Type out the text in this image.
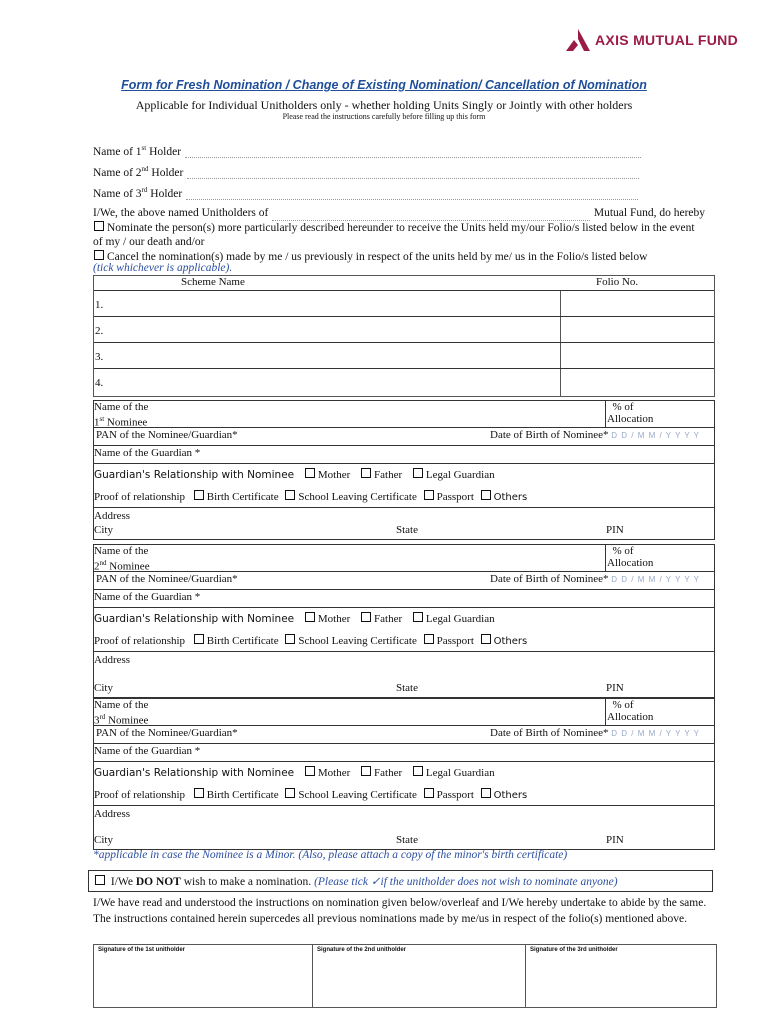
AXIS MUTUAL FUND
Form for Fresh Nomination / Change of Existing Nomination/ Cancellation of Nomination
Applicable for Individual Unitholders only - whether holding Units Singly or Jointly with other holders
Please read the instructions carefully before filling up this form
Name of 1st Holder
Name of 2nd Holder
Name of 3rd Holder
I/We, the above named Unitholders of	Mutual Fund, do hereby
Nominate the person(s) more particularly described hereunder to receive the Units held my/our Folio/s listed below in the event of my / our death and/or
Cancel the nomination(s) made by me / us previously in respect of the units held by me/ us in the Folio/s listed below
(tick whichever is applicable).
Scheme Name	Folio No.
1.
2.
3.
4.
Name of the
1st Nominee
% of
Allocation
PAN of the Nominee/Guardian*	Date of Birth of Nominee* D D / M M / Y Y Y Y
Name of the Guardian *
Guardian's Relationship with Nominee Mother Father Legal Guardian
Proof of relationship Birth Certificate School Leaving Certificate Passport Others
Address
City	State	PIN
Name of the
2nd Nominee
% of
Allocation
PAN of the Nominee/Guardian*	Date of Birth of Nominee* D D / M M / Y Y Y Y
Name of the Guardian *
Guardian's Relationship with Nominee Mother Father Legal Guardian
Proof of relationship Birth Certificate School Leaving Certificate Passport Others
Address
City	State	PIN
Name of the
3rd Nominee
% of
Allocation
PAN of the Nominee/Guardian*	Date of Birth of Nominee* D D / M M / Y Y Y Y
Name of the Guardian *
Guardian's Relationship with Nominee Mother Father Legal Guardian
Proof of relationship Birth Certificate School Leaving Certificate Passport Others
Address
City	State	PIN
*applicable in case the Nominee is a Minor. (Also, please attach a copy of the minor's birth certificate)
I/We DO NOT wish to make a nomination. (Please tick ✓if the unitholder does not wish to nominate anyone)
I/We have read and understood the instructions on nomination given below/overleaf and I/We hereby undertake to abide by the same. The instructions contained herein supercedes all previous nominations made by me/us in respect of the folio(s) mentioned above.
Signature of the 1st unitholder	Signature of the 2nd unitholder	Signature of the 3rd unitholder
